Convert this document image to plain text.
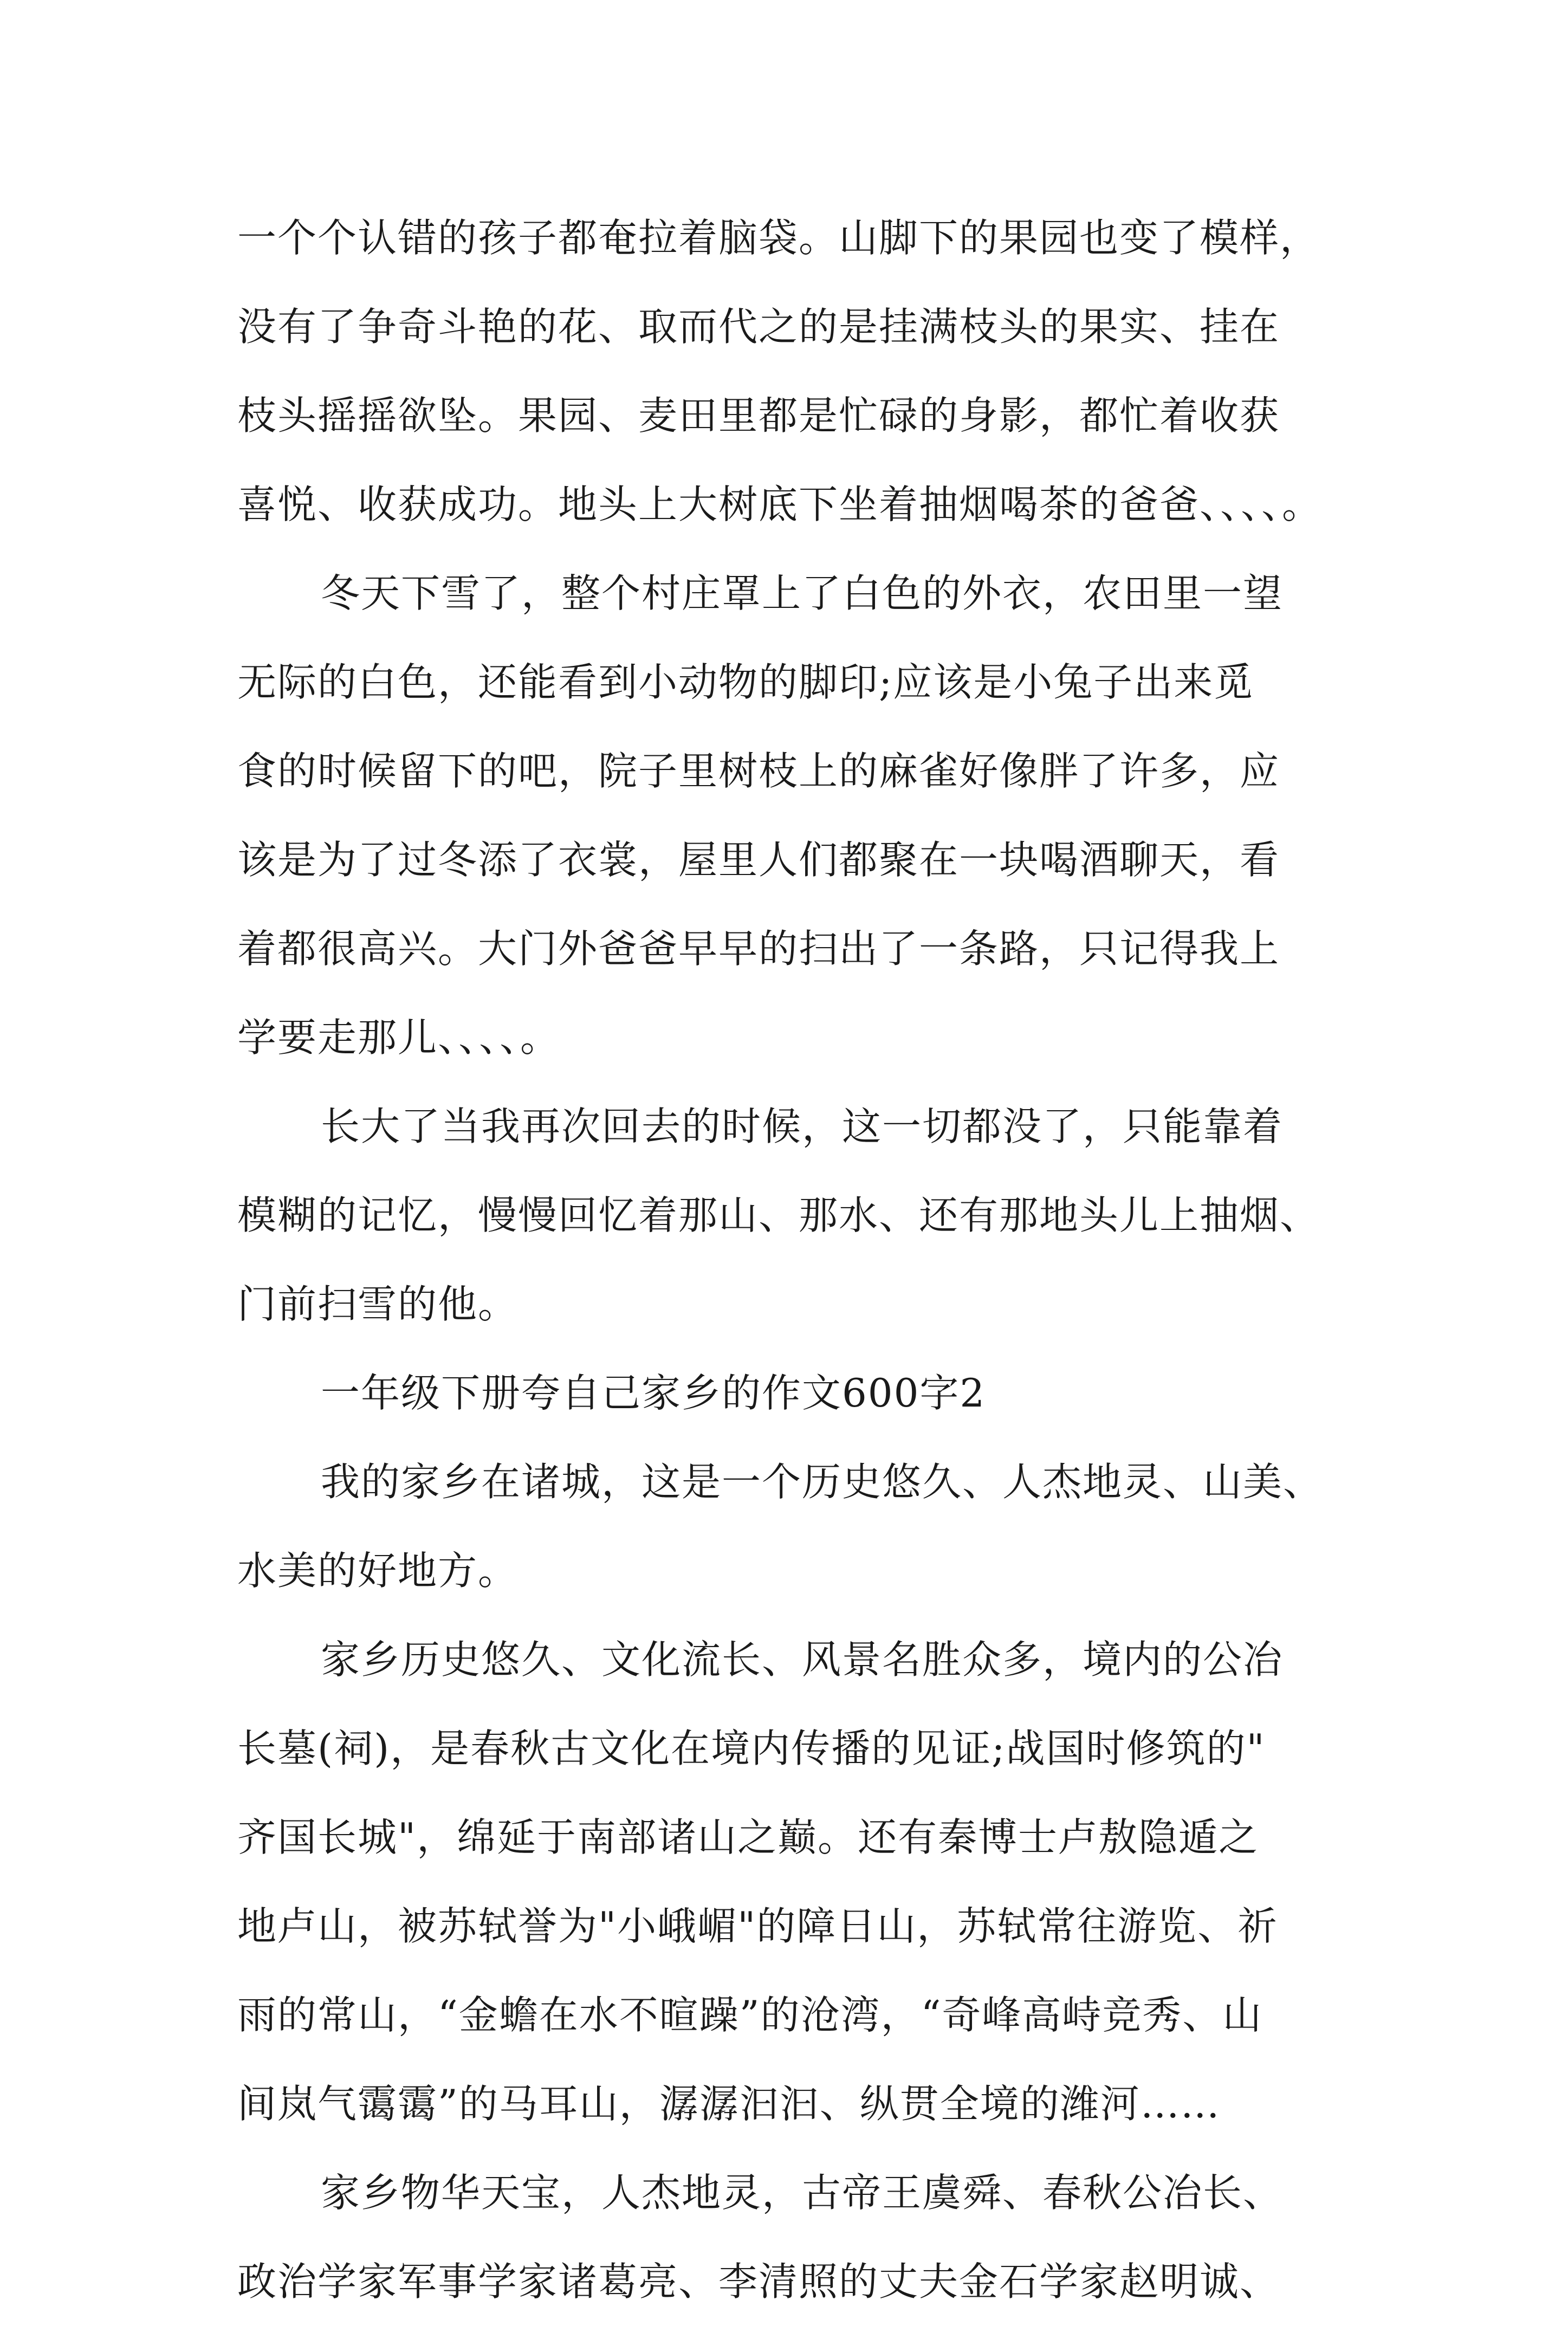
一个个认错的孩子都奄拉着脑袋。山脚下的果园也变了模样，
没有了争奇斗艳的花、取而代之的是挂满枝头的果实、挂在
枝头摇摇欲坠。果园、麦田里都是忙碌的身影，都忙着收获
喜悦、收获成功。地头上大树底下坐着抽烟喝茶的爸爸、、、、。
冬天下雪了，整个村庄罩上了白色的外衣，农田里一望
无际的白色，还能看到小动物的脚印;应该是小兔子出来觅
食的时候留下的吧，院子里树枝上的麻雀好像胖了许多，应
该是为了过冬添了衣裳，屋里人们都聚在一块喝酒聊天，看
着都很高兴。大门外爸爸早早的扫出了一条路，只记得我上
学要走那儿、、、、。
长大了当我再次回去的时候，这一切都没了，只能靠着
模糊的记忆，慢慢回忆着那山、那水、还有那地头儿上抽烟、
门前扫雪的他。
一年级下册夸自己家乡的作文600字2
我的家乡在诸城，这是一个历史悠久、人杰地灵、山美、
水美的好地方。
家乡历史悠久、文化流长、风景名胜众多，境内的公冶
长墓(祠)，是春秋古文化在境内传播的见证;战国时修筑的"
齐国长城"，绵延于南部诸山之巅。还有秦博士卢敖隐遁之
地卢山，被苏轼誉为"小峨嵋"的障日山，苏轼常往游览、祈
雨的常山，“金蟾在水不暄躁”的沧湾，“奇峰高峙竞秀、山
间岚气霭霭”的马耳山，潺潺汩汩、纵贯全境的潍河……
家乡物华天宝，人杰地灵，古帝王虞舜、春秋公冶长、
政治学家军事学家诸葛亮、李清照的丈夫金石学家赵明诚、
